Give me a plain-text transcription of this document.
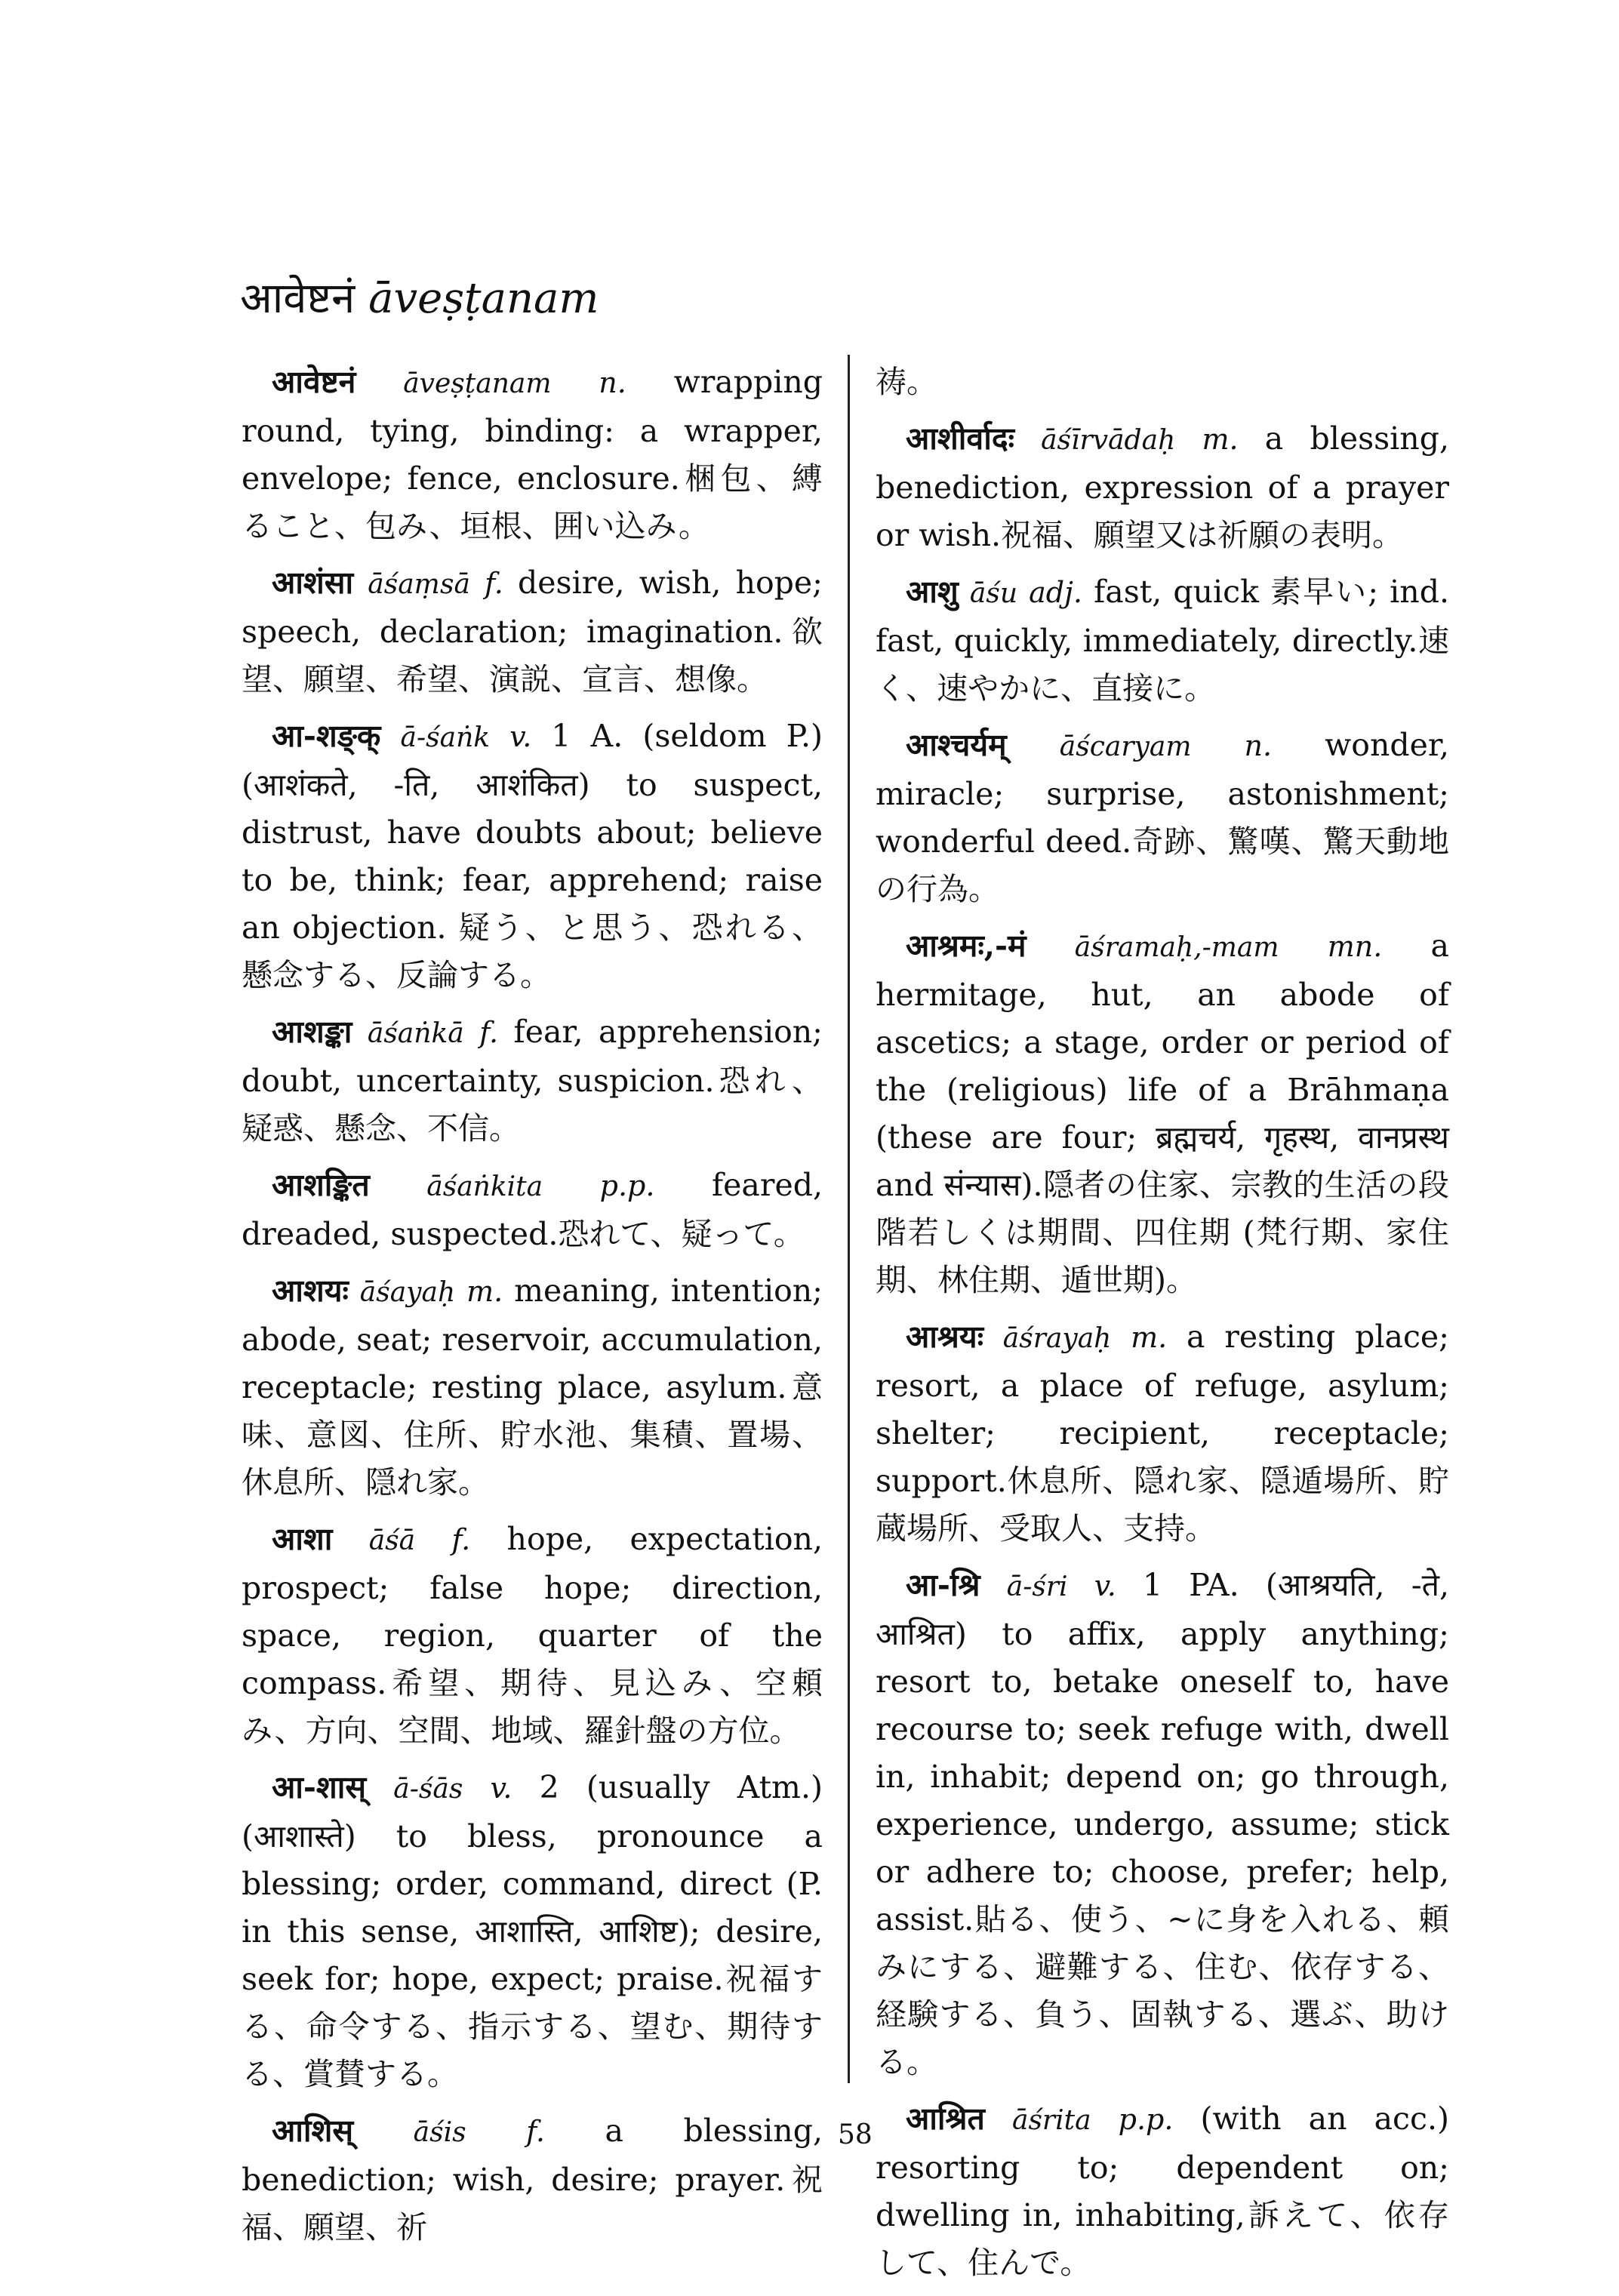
आवेष्टनं āveṣṭanam

आवेष्टनं āveṣṭanam n. wrapping round, tying, binding: a wrapper, envelope; fence, enclosure.梱包、縛ること、包み、垣根、囲い込み。

आशंसा āśaṃsā f. desire, wish, hope; speech, declaration; imagination.欲望、願望、希望、演説、宣言、想像。

आ-शङ्क् ā-śaṅk v. 1 A. (seldom P.) (आशंकते, -ति, आशंकित) to suspect, distrust, have doubts about; believe to be, think; fear, apprehend; raise an objection. 疑う、と思う、恐れる、懸念する、反論する。

आशङ्का āśaṅkā f. fear, apprehension; doubt, uncertainty, suspicion.恐れ、疑惑、懸念、不信。

आशङ्कित āśaṅkita p.p. feared, dreaded, suspected.恐れて、疑って。

आशयः āśayaḥ m. meaning, intention; abode, seat; reservoir, accumulation, receptacle; resting place, asylum.意味、意図、住所、貯水池、集積、置場、休息所、隠れ家。

आशा āśā f. hope, expectation, prospect; false hope; direction, space, region, quarter of the compass.希望、期待、見込み、空頼み、方向、空間、地域、羅針盤の方位。

आ-शास् ā-śās v. 2 (usually Atm.) (आशास्ते) to bless, pronounce a blessing; order, command, direct (P. in this sense, आशास्ति, आशिष्ट); desire, seek for; hope, expect; praise.祝福する、命令する、指示する、望む、期待する、賞賛する。

आशिस् āśis f. a blessing, benediction; wish, desire; prayer.祝福、願望、祈

祷。

आशीर्वादः āśīrvādaḥ m. a blessing, benediction, expression of a prayer or wish.祝福、願望又は祈願の表明。

आशु āśu adj. fast, quick 素早い; ind. fast, quickly, immediately, directly.速く、速やかに、直接に。

आश्चर्यम् āścaryam n. wonder, miracle; surprise, astonishment; wonderful deed.奇跡、驚嘆、驚天動地の行為。

आश्रमः,-मं āśramaḥ,-mam mn. a hermitage, hut, an abode of ascetics; a stage, order or period of the (religious) life of a Brāhmaṇa (these are four; ब्रह्मचर्य, गृहस्थ, वानप्रस्थ and संन्यास).隠者の住家、宗教的生活の段階若しくは期間、四住期 (梵行期、家住期、林住期、遁世期)。

आश्रयः āśrayaḥ m. a resting place; resort, a place of refuge, asylum; shelter; recipient, receptacle; support.休息所、隠れ家、隠遁場所、貯蔵場所、受取人、支持。

आ-श्रि ā-śri v. 1 PA. (आश्रयति, -ते, आश्रित) to affix, apply anything; resort to, betake oneself to, have recourse to; seek refuge with, dwell in, inhabit; depend on; go through, experience, undergo, assume; stick or adhere to; choose, prefer; help, assist.貼る、使う、~に身を入れる、頼みにする、避難する、住む、依存する、経験する、負う、固執する、選ぶ、助ける。

आश्रित āśrita p.p. (with an acc.) resorting to; dependent on; dwelling in, inhabiting,訴えて、依存して、住んで。

58
